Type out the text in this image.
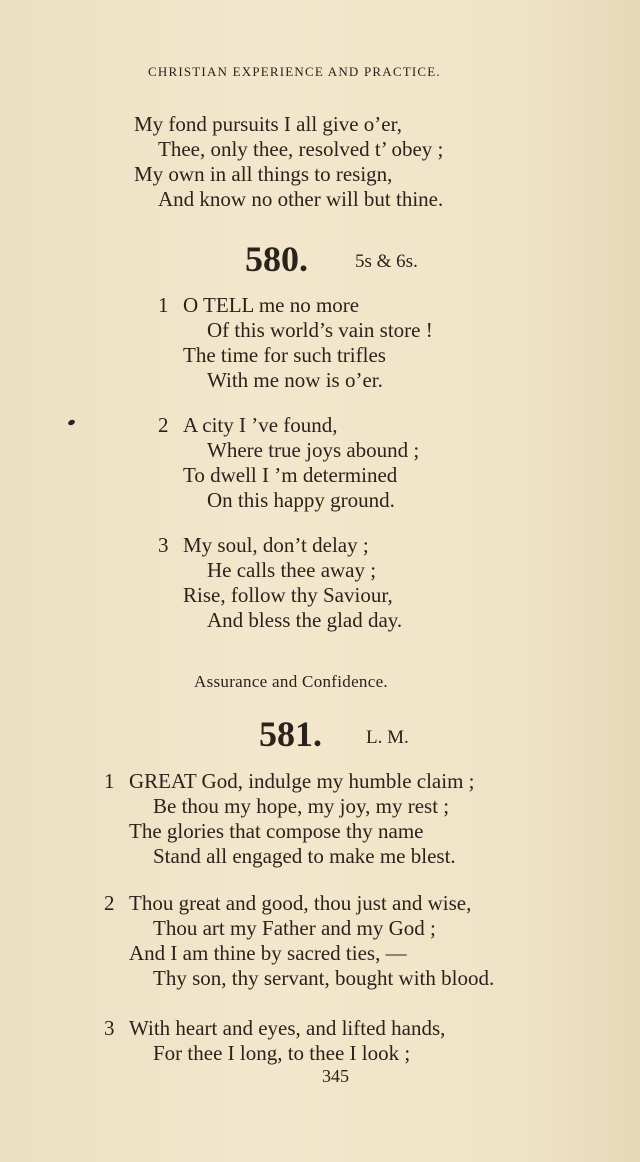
CHRISTIAN EXPERIENCE AND PRACTICE.
My fond pursuits I all give o’er,
Thee, only thee, resolved t’ obey ;
My own in all things to resign,
And know no other will but thine.
580. 5s & 6s.
1 O TELL me no more
Of this world’s vain store !
The time for such trifles
With me now is o’er.
2 A city I ’ve found,
Where true joys abound ;
To dwell I ’m determined
On this happy ground.
3 My soul, don’t delay ;
He calls thee away ;
Rise, follow thy Saviour,
And bless the glad day.
Assurance and Confidence.
581. L. M.
1 GREAT God, indulge my humble claim ;
Be thou my hope, my joy, my rest ;
The glories that compose thy name
Stand all engaged to make me blest.
2 Thou great and good, thou just and wise,
Thou art my Father and my God ;
And I am thine by sacred ties, —
Thy son, thy servant, bought with blood.
3 With heart and eyes, and lifted hands,
For thee I long, to thee I look ;
345
